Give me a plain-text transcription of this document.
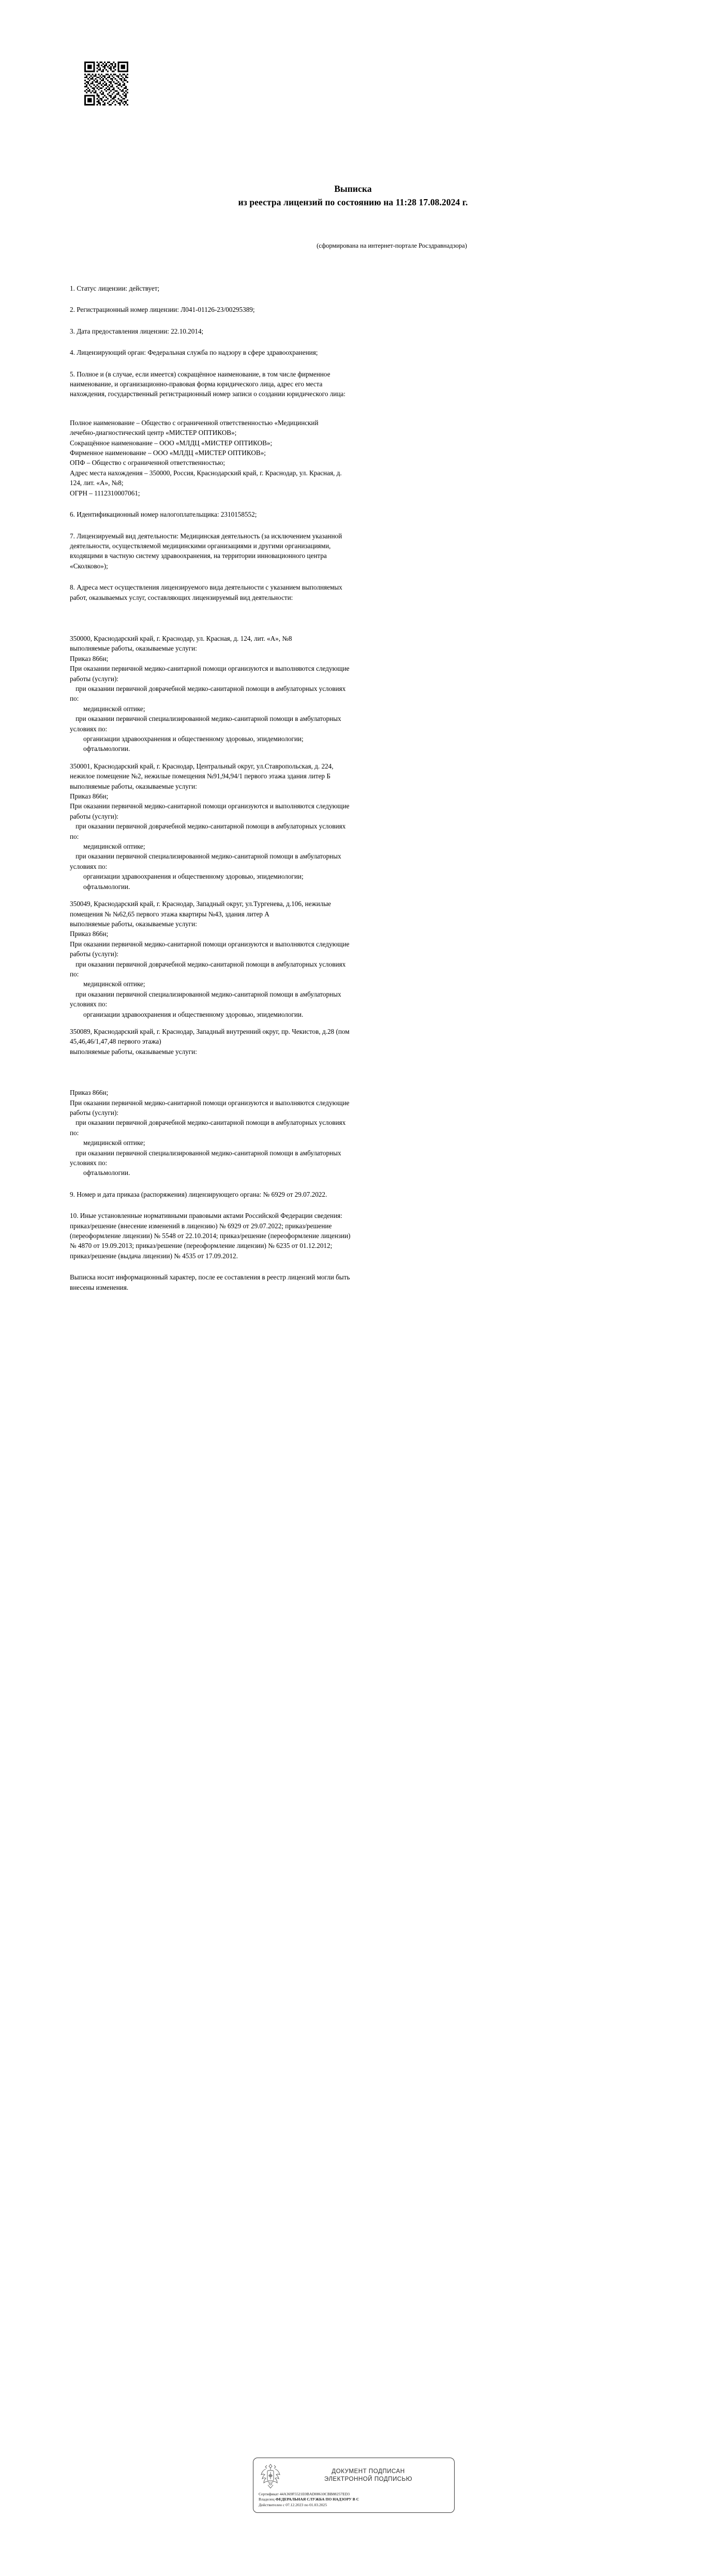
Выписка
из реестра лицензий по состоянию на 11:28 17.08.2024 г.
(сформирована на интернет-портале Росздравнадзора)
1. Статус лицензии: действует;
2. Регистрационный номер лицензии: Л041-01126-23/00295389;
3. Дата предоставления лицензии: 22.10.2014;
4. Лицензирующий орган: Федеральная служба по надзору в сфере здравоохранения;
5. Полное и (в случае, если имеется) сокращённое наименование, в том числе фирменное
наименование, и организационно-правовая форма юридического лица, адрес его места
нахождения, государственный регистрационный номер записи о создании юридического лица:
Полное наименование – Общество с ограниченной ответственностью «Медицинский
лечебно-диагностический центр «МИСТЕР ОПТИКОВ»;
Сокращённое наименование – ООО «МЛДЦ «МИСТЕР ОПТИКОВ»;
Фирменное наименование – ООО «МЛДЦ «МИСТЕР ОПТИКОВ»;
ОПФ – Общество с ограниченной ответственностью;
Адрес места нахождения – 350000, Россия, Краснодарский край, г. Краснодар, ул. Красная, д.
124, лит. «А», №8;
ОГРН – 1112310007061;
6. Идентификационный номер налогоплательщика: 2310158552;
7. Лицензируемый вид деятельности: Медицинская деятельность (за исключением указанной
деятельности, осуществляемой медицинскими организациями и другими организациями,
входящими в частную систему здравоохранения, на территории инновационного центра
«Сколково»);
8. Адреса мест осуществления лицензируемого вида деятельности с указанием выполняемых
работ, оказываемых услуг, составляющих лицензируемый вид деятельности:
350000, Краснодарский край, г. Краснодар, ул. Красная, д. 124, лит. «А», №8
выполняемые работы, оказываемые услуги:
Приказ 866н;
При оказании первичной медико-санитарной помощи организуются и выполняются следующие
работы (услуги):
при оказании первичной доврачебной медико-санитарной помощи в амбулаторных условиях
по:
медицинской оптике;
при оказании первичной специализированной медико-санитарной помощи в амбулаторных
условиях по:
организации здравоохранения и общественному здоровью, эпидемиологии;
офтальмологии.
350001, Краснодарский край, г. Краснодар, Центральный округ, ул.Ставропольская, д. 224,
нежилое помещение №2, нежилые помещения №91,94,94/1 первого этажа здания литер Б
выполняемые работы, оказываемые услуги:
Приказ 866н;
При оказании первичной медико-санитарной помощи организуются и выполняются следующие
работы (услуги):
при оказании первичной доврачебной медико-санитарной помощи в амбулаторных условиях
по:
медицинской оптике;
при оказании первичной специализированной медико-санитарной помощи в амбулаторных
условиях по:
организации здравоохранения и общественному здоровью, эпидемиологии;
офтальмологии.
350049, Краснодарский край, г. Краснодар, Западный округ, ул.Тургенева, д.106, нежилые
помещения № №62,65 первого этажа квартиры №43, здания литер А
выполняемые работы, оказываемые услуги:
Приказ 866н;
При оказании первичной медико-санитарной помощи организуются и выполняются следующие
работы (услуги):
при оказании первичной доврачебной медико-санитарной помощи в амбулаторных условиях
по:
медицинской оптике;
при оказании первичной специализированной медико-санитарной помощи в амбулаторных
условиях по:
организации здравоохранения и общественному здоровью, эпидемиологии.
350089, Краснодарский край, г. Краснодар, Западный внутренний округ, пр. Чекистов, д.28 (пом
45,46,46/1,47,48 первого этажа)
выполняемые работы, оказываемые услуги:
Приказ 866н;
При оказании первичной медико-санитарной помощи организуются и выполняются следующие
работы (услуги):
при оказании первичной доврачебной медико-санитарной помощи в амбулаторных условиях
по:
медицинской оптике;
при оказании первичной специализированной медико-санитарной помощи в амбулаторных
условиях по:
офтальмологии.
9. Номер и дата приказа (распоряжения) лицензирующего органа: № 6929 от 29.07.2022.
10. Иные установленные нормативными правовыми актами Российской Федерации сведения:
приказ/решение (внесение изменений в лицензию) № 6929 от 29.07.2022; приказ/решение
(переоформление лицензии) № 5548 от 22.10.2014; приказ/решение (переоформление лицензии)
№ 4870 от 19.09.2013; приказ/решение (переоформление лицензии) № 6235 от 01.12.2012;
приказ/решение (выдача лицензии) № 4535 от 17.09.2012.
Выписка носит информационный характер, после ее составления в реестр лицензий могли быть
внесены изменения.
ДОКУМЕНТ ПОДПИСАН
ЭЛЕКТРОННОЙ ПОДПИСЬЮ
Сертификат 44A369F5521E0BAD08610CBB88257ED3
Владелец ФЕДЕРАЛЬНАЯ СЛУЖБА ПО НАДЗОРУ В С
Действителен с 07.12.2023 по 01.03.2025
